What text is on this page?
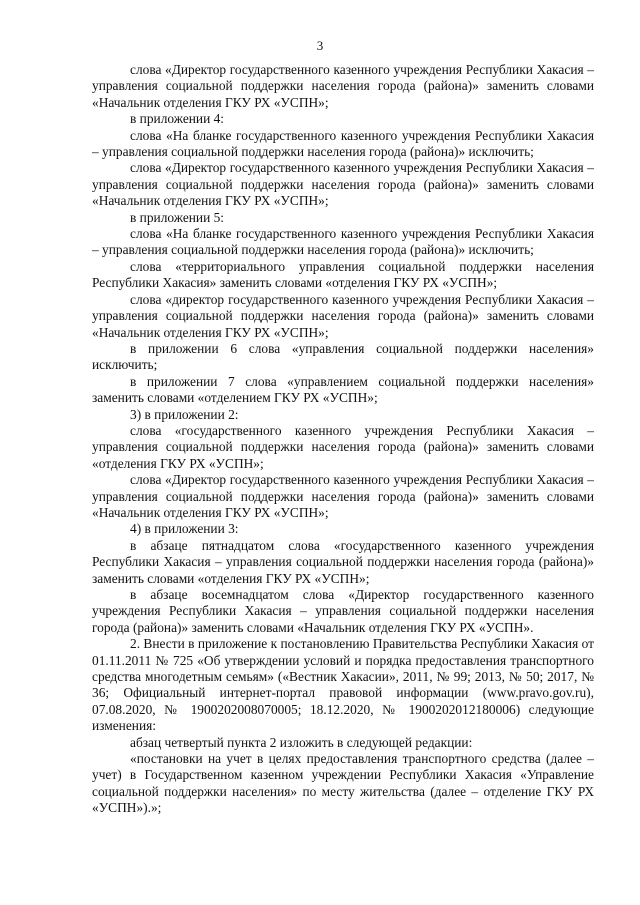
3

слова «Директор государственного казенного учреждения Республики Хакасия – управления социальной поддержки населения города (района)» заменить словами «Начальник отделения ГКУ РХ «УСПН»;

в приложении 4:

слова «На бланке государственного казенного учреждения Республики Хакасия – управления социальной поддержки населения города (района)» исключить;

слова «Директор государственного казенного учреждения Республики Хакасия – управления социальной поддержки населения города (района)» заменить словами «Начальник отделения ГКУ РХ «УСПН»;

в приложении 5:

слова «На бланке государственного казенного учреждения Республики Хакасия – управления социальной поддержки населения города (района)» исключить;

слова «территориального управления социальной поддержки населения Республики Хакасия» заменить словами «отделения ГКУ РХ «УСПН»;

слова «директор государственного казенного учреждения Республики Хакасия – управления социальной поддержки населения города (района)» заменить словами «Начальник отделения ГКУ РХ «УСПН»;

в приложении 6 слова «управления социальной поддержки населения» исключить;

в приложении 7 слова «управлением социальной поддержки населения» заменить словами «отделением ГКУ РХ «УСПН»;

3) в приложении 2:

слова «государственного казенного учреждения Республики Хакасия – управления социальной поддержки населения города (района)» заменить словами «отделения ГКУ РХ «УСПН»;

слова «Директор государственного казенного учреждения Республики Хакасия – управления социальной поддержки населения города (района)» заменить словами «Начальник отделения ГКУ РХ «УСПН»;

4) в приложении 3:

в абзаце пятнадцатом слова «государственного казенного учреждения Республики Хакасия – управления социальной поддержки населения города (района)» заменить словами «отделения ГКУ РХ «УСПН»;

в абзаце восемнадцатом слова «Директор государственного казенного учреждения Республики Хакасия – управления социальной поддержки населения города (района)» заменить словами «Начальник отделения ГКУ РХ «УСПН».

2. Внести в приложение к постановлению Правительства Республики Хакасия от 01.11.2011 № 725 «Об утверждении условий и порядка предоставления транспортного средства многодетным семьям» («Вестник Хакасии», 2011, № 99; 2013, № 50; 2017, № 36; Официальный интернет-портал правовой информации (www.pravo.gov.ru), 07.08.2020, № 1900202008070005; 18.12.2020, № 1900202012180006) следующие изменения:

абзац четвертый пункта 2 изложить в следующей редакции:

«постановки на учет в целях предоставления транспортного средства (далее – учет) в Государственном казенном учреждении Республики Хакасия «Управление социальной поддержки населения» по месту жительства (далее – отделение ГКУ РХ «УСПН»).»;
